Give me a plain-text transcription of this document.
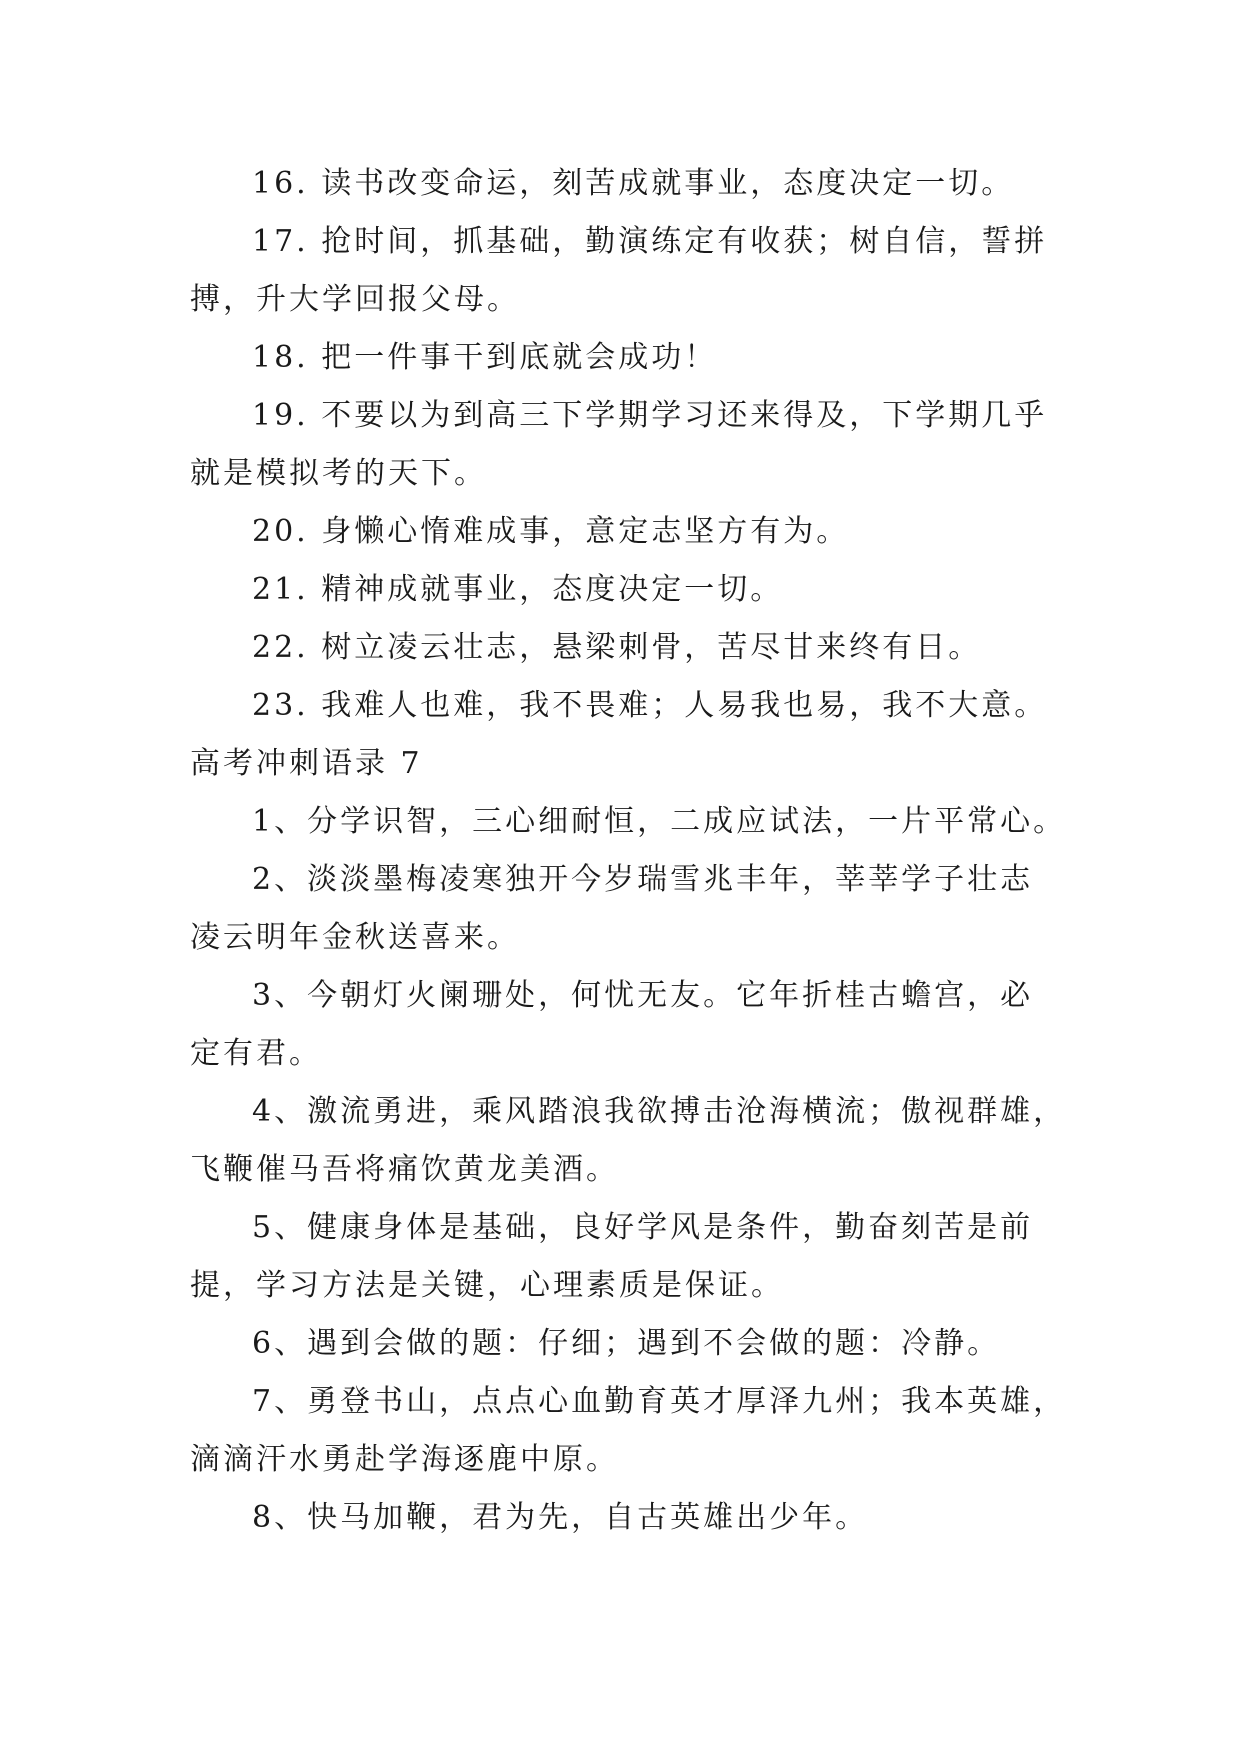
16. 读书改变命运，刻苦成就事业，态度决定一切。
17. 抢时间，抓基础，勤演练定有收获；树自信，誓拼
搏，升大学回报父母。
18. 把一件事干到底就会成功！
19. 不要以为到高三下学期学习还来得及，下学期几乎
就是模拟考的天下。
20. 身懒心惰难成事，意定志坚方有为。
21. 精神成就事业，态度决定一切。
22. 树立凌云壮志，悬梁刺骨，苦尽甘来终有日。
23. 我难人也难，我不畏难；人易我也易，我不大意。
高考冲刺语录 7
1、分学识智，三心细耐恒，二成应试法，一片平常心。
2、淡淡墨梅凌寒独开今岁瑞雪兆丰年，莘莘学子壮志
凌云明年金秋送喜来。
3、今朝灯火阑珊处，何忧无友。它年折桂古蟾宫，必
定有君。
4、激流勇进，乘风踏浪我欲搏击沧海横流；傲视群雄，
飞鞭催马吾将痛饮黄龙美酒。
5、健康身体是基础，良好学风是条件，勤奋刻苦是前
提，学习方法是关键，心理素质是保证。
6、遇到会做的题：仔细；遇到不会做的题：冷静。
7、勇登书山，点点心血勤育英才厚泽九州；我本英雄，
滴滴汗水勇赴学海逐鹿中原。
8、快马加鞭，君为先，自古英雄出少年。
